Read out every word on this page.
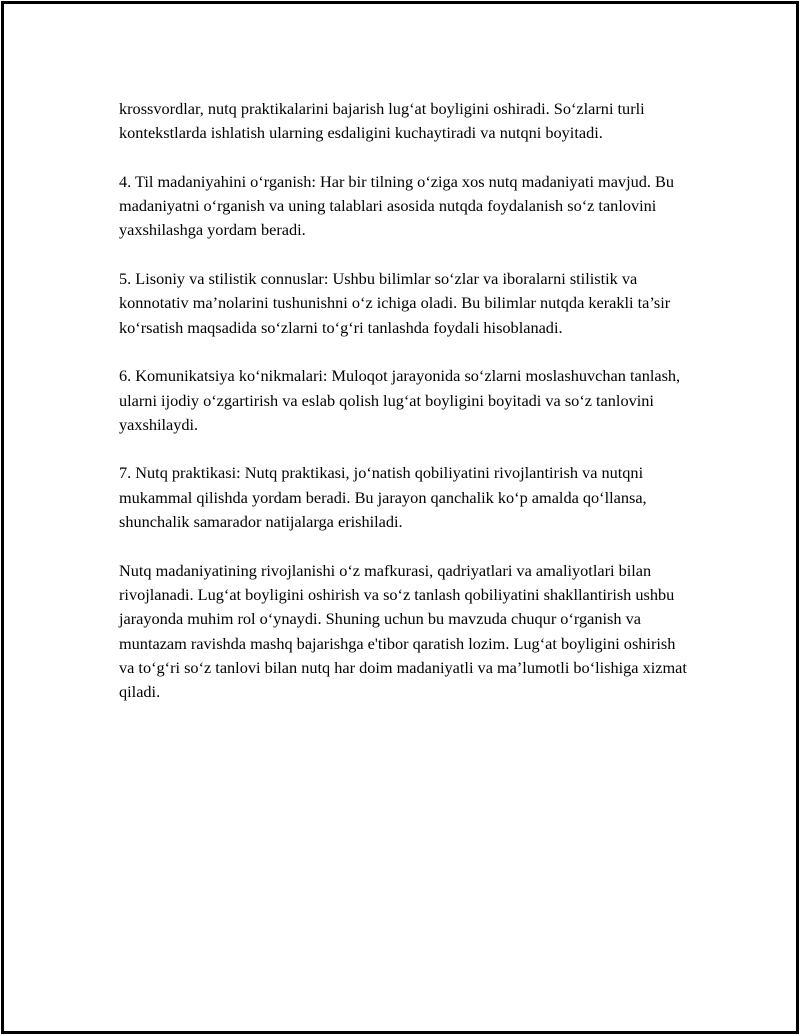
krossvordlar, nutq praktikalarini bajarish lug‘at boyligini oshiradi. So‘zlarni turli kontekstlarda ishlatish ularning esdaligini kuchaytiradi va nutqni boyitadi.

4. Til madaniyahini o‘rganish: Har bir tilning o‘ziga xos nutq madaniyati mavjud. Bu madaniyatni o‘rganish va uning talablari asosida nutqda foydalanish so‘z tanlovini yaxshilashga yordam beradi.

5. Lisoniy va stilistik connuslar: Ushbu bilimlar so‘zlar va iboralarni stilistik va konnotativ ma’nolarini tushunishni o‘z ichiga oladi. Bu bilimlar nutqda kerakli ta’sir ko‘rsatish maqsadida so‘zlarni to‘g‘ri tanlashda foydali hisoblanadi.

6. Komunikatsiya ko‘nikmalari: Muloqot jarayonida so‘zlarni moslashuvchan tanlash, ularni ijodiy o‘zgartirish va eslab qolish lug‘at boyligini boyitadi va so‘z tanlovini yaxshilaydi.

7. Nutq praktikasi: Nutq praktikasi, jo‘natish qobiliyatini rivojlantirish va nutqni mukammal qilishda yordam beradi. Bu jarayon qanchalik ko‘p amalda qo‘llansa, shunchalik samarador natijalarga erishiladi.

Nutq madaniyatining rivojlanishi o‘z mafkurasi, qadriyatlari va amaliyotlari bilan rivojlanadi. Lug‘at boyligini oshirish va so‘z tanlash qobiliyatini shakllantirish ushbu jarayonda muhim rol o‘ynaydi. Shuning uchun bu mavzuda chuqur o‘rganish va muntazam ravishda mashq bajarishga e'tibor qaratish lozim. Lug‘at boyligini oshirish va to‘g‘ri so‘z tanlovi bilan nutq har doim madaniyatli va ma’lumotli bo‘lishiga xizmat qiladi.
